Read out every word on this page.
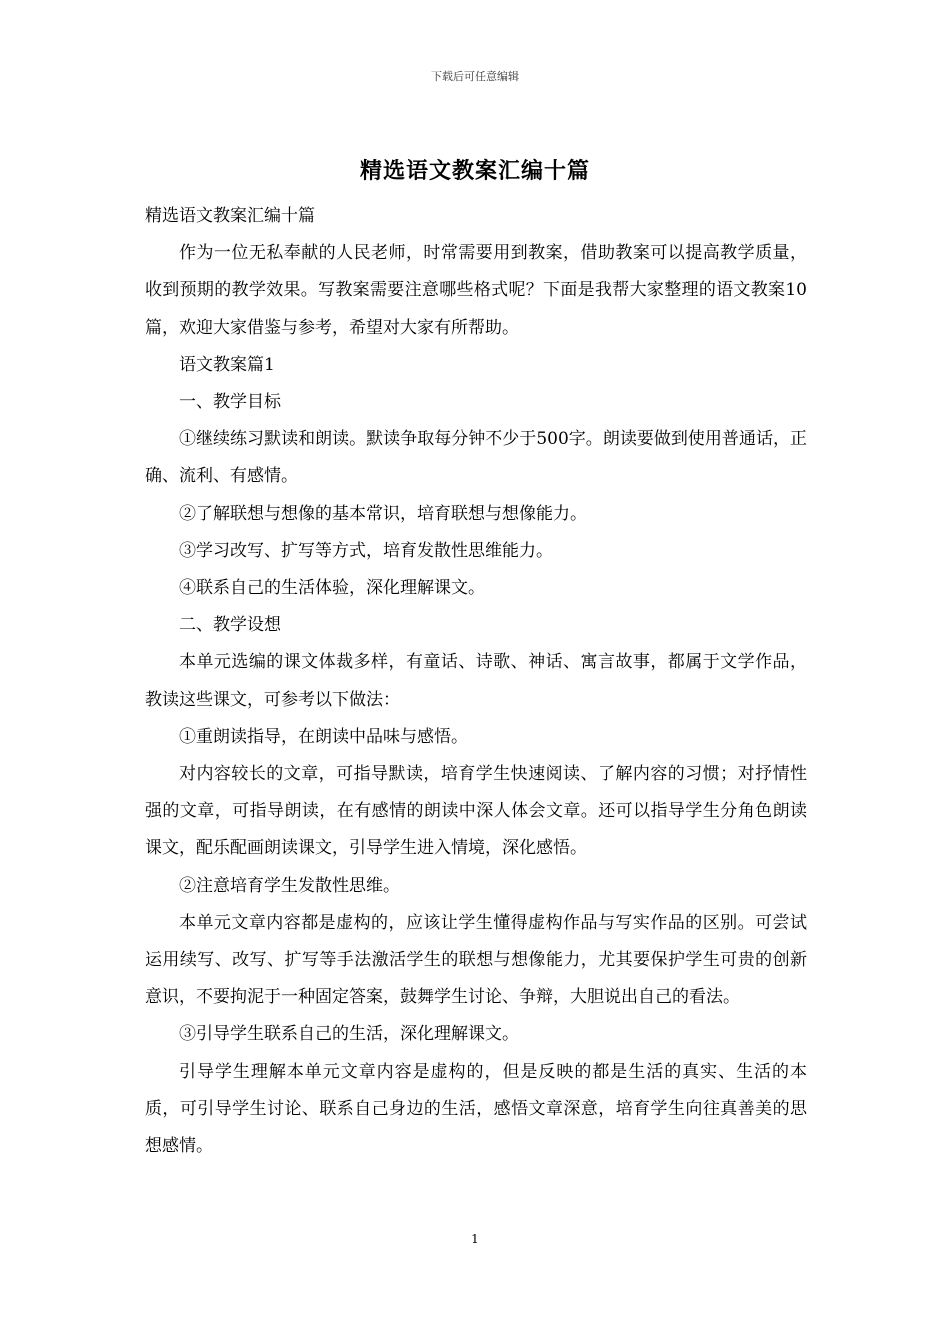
下载后可任意编辑
精选语文教案汇编十篇

精选语文教案汇编十篇

作为一位无私奉献的人民老师，时常需要用到教案，借助教案可以提高教学质量，收到预期的教学效果。写教案需要注意哪些格式呢？下面是我帮大家整理的语文教案10篇，欢迎大家借鉴与参考，希望对大家有所帮助。

语文教案篇1

一、教学目标

①继续练习默读和朗读。默读争取每分钟不少于500字。朗读要做到使用普通话，正确、流利、有感情。

②了解联想与想像的基本常识，培育联想与想像能力。

③学习改写、扩写等方式，培育发散性思维能力。

④联系自己的生活体验，深化理解课文。

二、教学设想

本单元选编的课文体裁多样，有童话、诗歌、神话、寓言故事，都属于文学作品，教读这些课文，可参考以下做法：

①重朗读指导，在朗读中品味与感悟。

对内容较长的文章，可指导默读，培育学生快速阅读、了解内容的习惯；对抒情性强的文章，可指导朗读，在有感情的朗读中深人体会文章。还可以指导学生分角色朗读课文，配乐配画朗读课文，引导学生进入情境，深化感悟。

②注意培育学生发散性思维。

本单元文章内容都是虚构的，应该让学生懂得虚构作品与写实作品的区别。可尝试运用续写、改写、扩写等手法激活学生的联想与想像能力，尤其要保护学生可贵的创新意识，不要拘泥于一种固定答案，鼓舞学生讨论、争辩，大胆说出自己的看法。

③引导学生联系自己的生活，深化理解课文。

引导学生理解本单元文章内容是虚构的，但是反映的都是生活的真实、生活的本质，可引导学生讨论、联系自己身边的生活，感悟文章深意，培育学生向往真善美的思想感情。

1
